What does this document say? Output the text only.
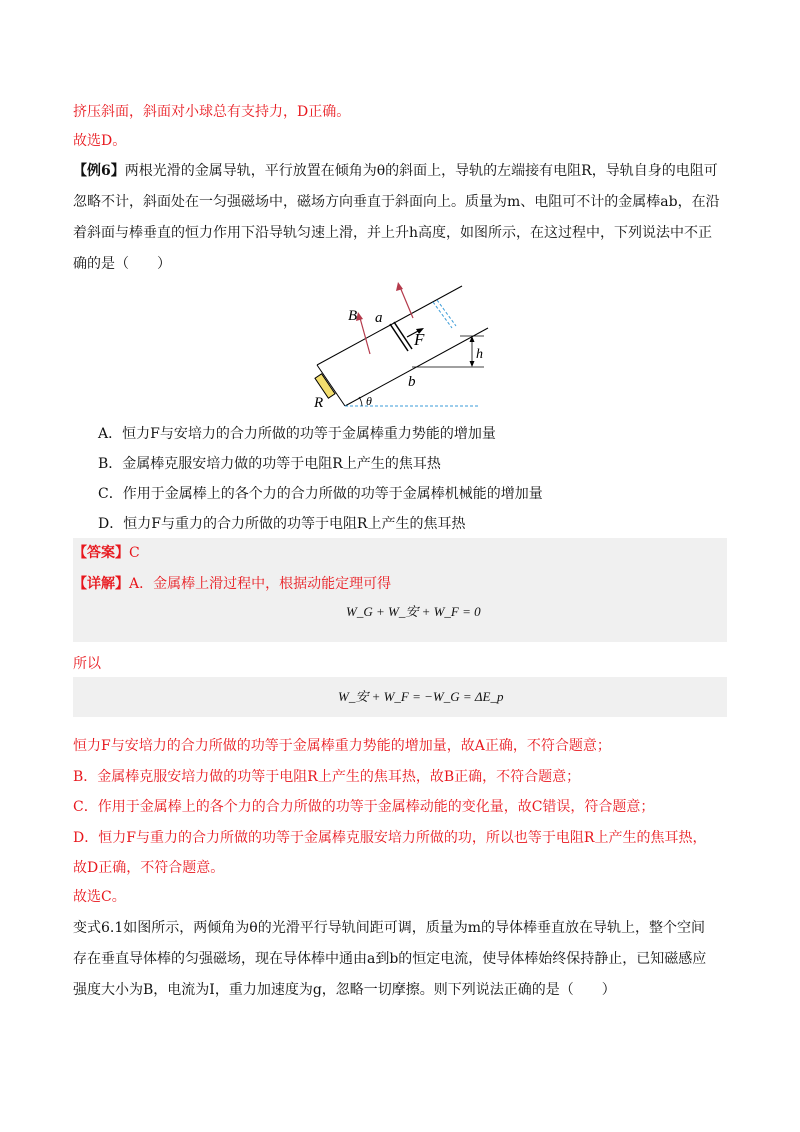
挤压斜面，斜面对小球总有支持力，D正确。
故选D。
【例6】两根光滑的金属导轨，平行放置在倾角为θ的斜面上，导轨的左端接有电阻R，导轨自身的电阻可
忽略不计，斜面处在一匀强磁场中，磁场方向垂直于斜面向上。质量为m、电阻可不计的金属棒ab，在沿
着斜面与棒垂直的恒力作用下沿导轨匀速上滑，并上升h高度，如图所示，在这过程中，下列说法中不正
确的是（　　）
B a
F
h
b
R	θ
A．恒力F与安培力的合力所做的功等于金属棒重力势能的增加量
B．金属棒克服安培力做的功等于电阻R上产生的焦耳热
C．作用于金属棒上的各个力的合力所做的功等于金属棒机械能的增加量
D．恒力F与重力的合力所做的功等于电阻R上产生的焦耳热
【答案】C
【详解】A．金属棒上滑过程中，根据动能定理可得
W_G + W_安 + W_F = 0
所以
W_安 + W_F = −W_G = ΔE_p
恒力F与安培力的合力所做的功等于金属棒重力势能的增加量，故A正确，不符合题意；
B．金属棒克服安培力做的功等于电阻R上产生的焦耳热，故B正确，不符合题意；
C．作用于金属棒上的各个力的合力所做的功等于金属棒动能的变化量，故C错误，符合题意；
D．恒力F与重力的合力所做的功等于金属棒克服安培力所做的功，所以也等于电阻R上产生的焦耳热，
故D正确，不符合题意。
故选C。
变式6.1如图所示，两倾角为θ的光滑平行导轨间距可调，质量为m的导体棒垂直放在导轨上，整个空间
存在垂直导体棒的匀强磁场，现在导体棒中通由a到b的恒定电流，使导体棒始终保持静止，已知磁感应
强度大小为B，电流为I，重力加速度为g，忽略一切摩擦。则下列说法正确的是（　　）
